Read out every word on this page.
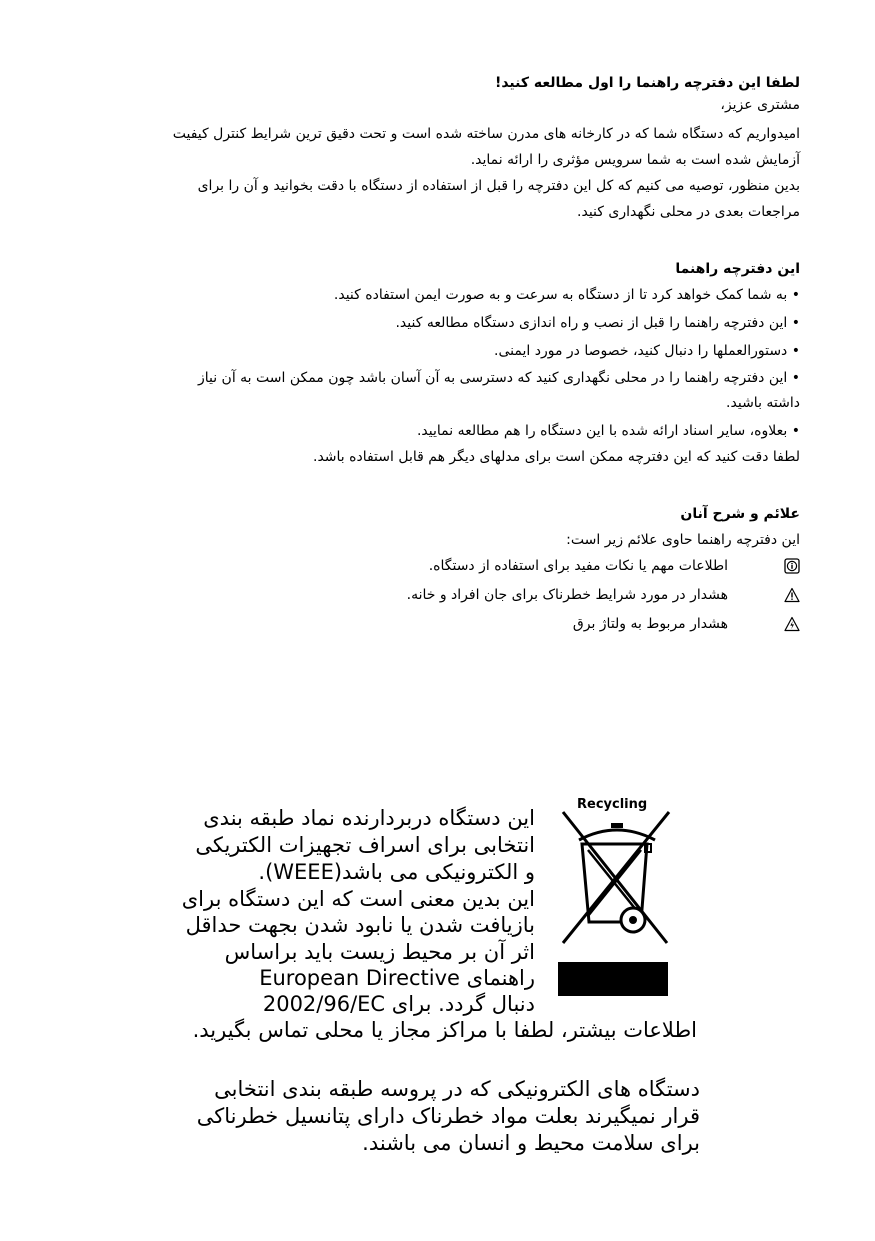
لطفا این دفترچه راهنما را اول مطالعه کنید!
مشتری عزیز،
امیدواریم که دستگاه شما که در کارخانه های مدرن ساخته شده است و تحت دقیق ترین شرایط کنترل کیفیت
آزمایش شده است به شما سرویس مؤثری را ارائه نماید.
بدین منظور، توصیه می کنیم که کل این دفترچه را قبل از استفاده از دستگاه با دقت بخوانید و آن را برای
مراجعات بعدی در محلی نگهداری کنید.
این دفترچه راهنما
• به شما کمک خواهد کرد تا از دستگاه به سرعت و به صورت ایمن استفاده کنید.
• این دفترچه راهنما را قبل از نصب و راه اندازی دستگاه مطالعه کنید.
• دستورالعملها را دنبال کنید، خصوصا در مورد ایمنی.
• این دفترچه راهنما را در محلی نگهداری کنید که دسترسی به آن آسان باشد چون ممکن است به آن نیاز
داشته باشید.
• بعلاوه، سایر اسناد ارائه شده با این دستگاه را هم مطالعه نمایید.
لطفا دقت کنید که این دفترچه ممکن است برای مدلهای دیگر هم قابل استفاده باشد.
علائم و شرح آنان
این دفترچه راهنما حاوی علائم زیر است:
اطلاعات مهم یا نکات مفید برای استفاده از دستگاه.
هشدار در مورد شرایط خطرناک برای جان افراد و خانه.
هشدار مربوط به ولتاژ برق
Recycling
این دستگاه دربردارنده نماد طبقه بندی
انتخابی برای اسراف تجهیزات الکتریکی
و الکترونیکی می باشد(WEEE).
این بدین معنی است که این دستگاه برای
بازیافت شدن یا نابود شدن بجهت حداقل
اثر آن بر محیط زیست باید براساس
راهنمای European Directive
2002/96/EC دنبال گردد. برای
اطلاعات بیشتر، لطفا با مراکز مجاز یا محلی تماس بگیرید.
دستگاه های الکترونیکی که در پروسه طبقه بندی انتخابی
قرار نمیگیرند بعلت مواد خطرناک دارای پتانسیل خطرناکی
برای سلامت محیط و انسان می باشند.
